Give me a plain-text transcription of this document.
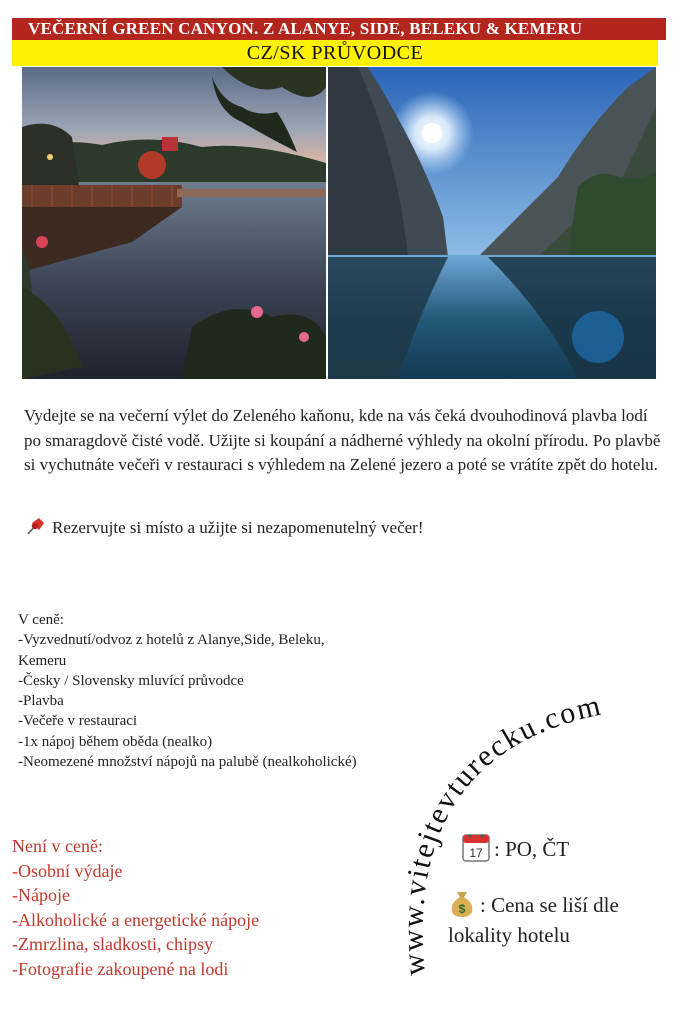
VEČERNÍ GREEN CANYON. Z ALANYE, SIDE, BELEKU & KEMERU
CZ/SK PRŮVODCE
Vydejte se na večerní výlet do Zeleného kaňonu, kde na vás čeká dvouhodinová plavba lodí po smaragdově čisté vodě. Užijte si koupání a nádherné výhledy na okolní přírodu. Po plavbě si vychutnáte večeři v restauraci s výhledem na Zelené jezero a poté se vrátíte zpět do hotelu.
Rezervujte si místo a užijte si nezapomenutelný večer!
V ceně:
-Vyzvednutí/odvoz z hotelů z Alanye,Side, Beleku,
Kemeru
-Česky / Slovensky mluvící průvodce
-Plavba
-Večeře v restauraci
-1x nápoj během oběda (nealko)
-Neomezené množství nápojů na palubě (nealkoholické)
Není v ceně:
-Osobní výdaje
-Nápoje
-Alkoholické a energetické nápoje
-Zmrzlina, sladkosti, chipsy
-Fotografie zakoupené na lodi	www.vitejtevturecku.com
17 : PO, ČT
$ : Cena se liší dle lokality hotelu
